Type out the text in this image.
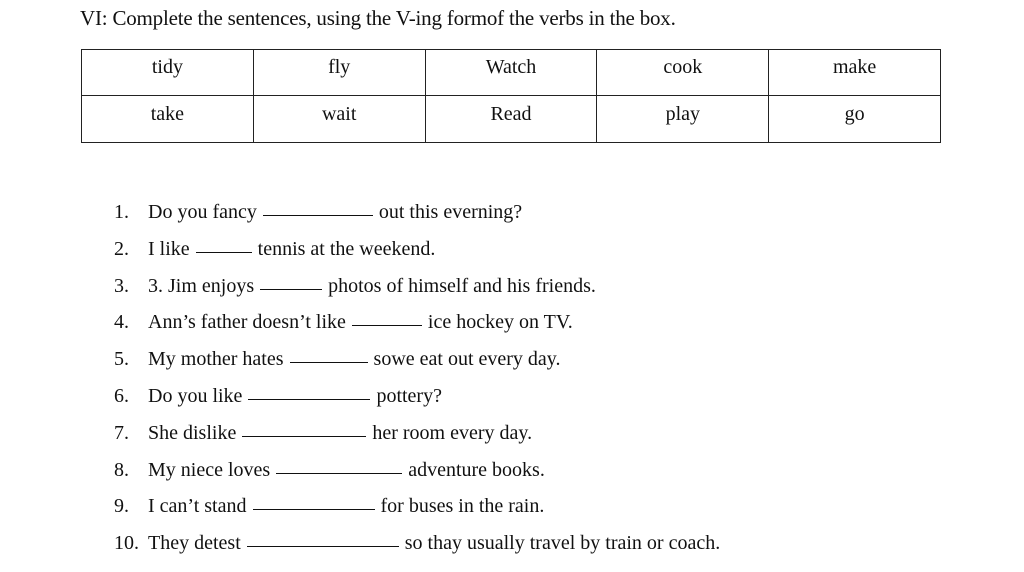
VI: Complete the sentences, using the V-ing formof the verbs in the box.
tidy	fly	Watch	cook	make
take	wait	Read	play	go
1. Do you fancy	out this everning?
2. I like	tennis at the weekend.
3. 3. Jim enjoys	photos of himself and his friends.
4. Ann’s father doesn’t like	ice hockey on TV.
5. My mother hates	sowe eat out every day.
6. Do you like	pottery?
7. She dislike	her room every day.
8. My niece loves	adventure books.
9. I can’t stand	for buses in the rain.
10. They detest	so thay usually travel by train or coach.
